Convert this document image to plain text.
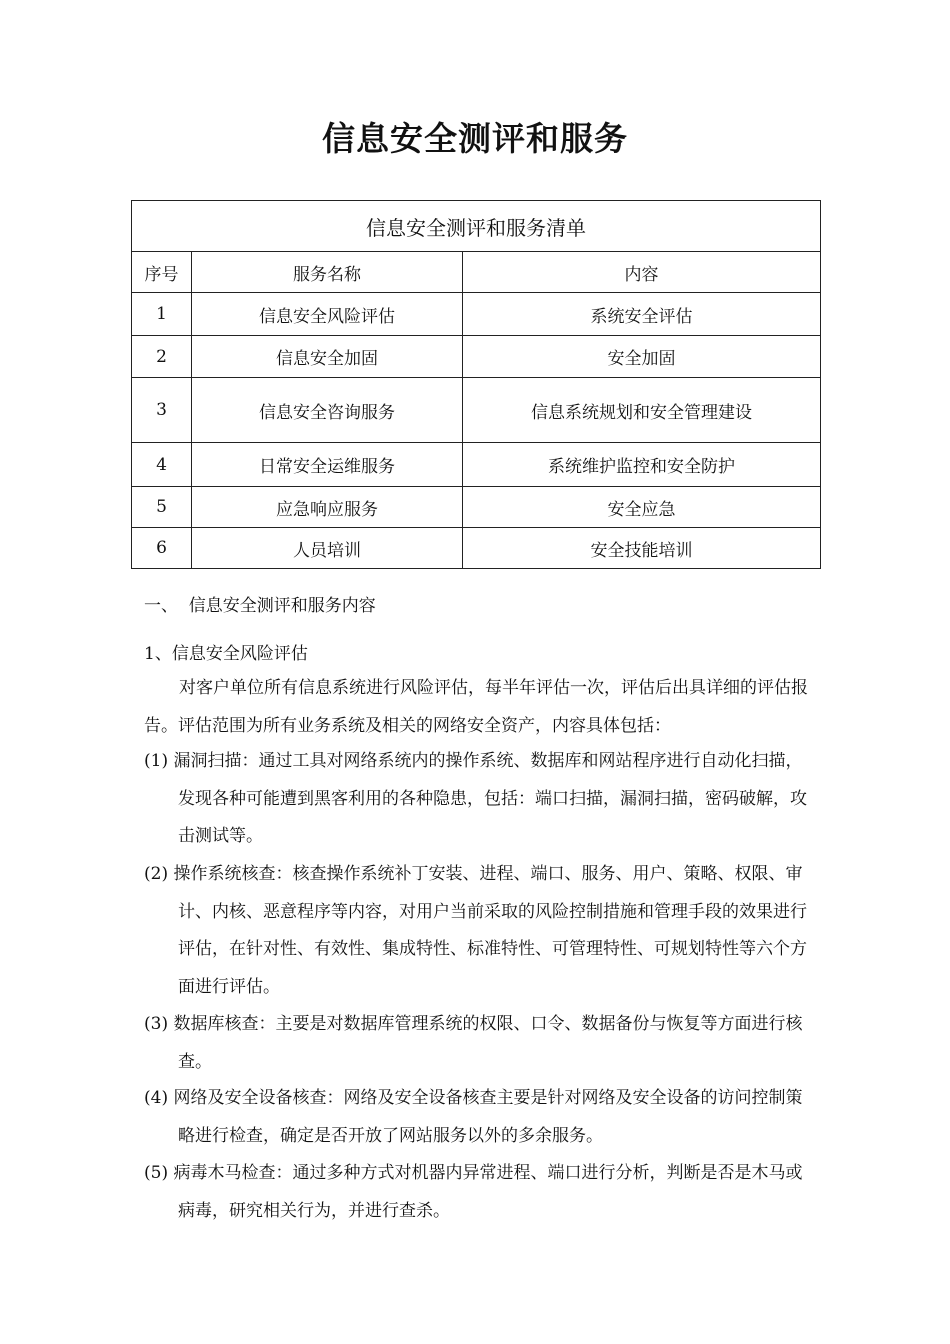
信息安全测评和服务
信息安全测评和服务清单		
序号	服务名称	内容
1	信息安全风险评估	系统安全评估
2	信息安全加固	安全加固
3	信息安全咨询服务	信息系统规划和安全管理建设
4	日常安全运维服务	系统维护监控和安全防护
5	应急响应服务	安全应急
6	人员培训	安全技能培训
一、  信息安全测评和服务内容
1、信息安全风险评估
对客户单位所有信息系统进行风险评估，每半年评估一次，评估后出具详细的评估报告。评估范围为所有业务系统及相关的网络安全资产，内容具体包括：
(1) 漏洞扫描：通过工具对网络系统内的操作系统、数据库和网站程序进行自动化扫描，发现各种可能遭到黑客利用的各种隐患，包括：端口扫描，漏洞扫描，密码破解，攻击测试等。
(2) 操作系统核查：核查操作系统补丁安装、进程、端口、服务、用户、策略、权限、审计、内核、恶意程序等内容，对用户当前采取的风险控制措施和管理手段的效果进行评估，在针对性、有效性、集成特性、标准特性、可管理特性、可规划特性等六个方面进行评估。
(3) 数据库核查：主要是对数据库管理系统的权限、口令、数据备份与恢复等方面进行核查。
(4) 网络及安全设备核查：网络及安全设备核查主要是针对网络及安全设备的访问控制策略进行检查，确定是否开放了网站服务以外的多余服务。
(5) 病毒木马检查：通过多种方式对机器内异常进程、端口进行分析，判断是否是木马或病毒，研究相关行为，并进行查杀。
